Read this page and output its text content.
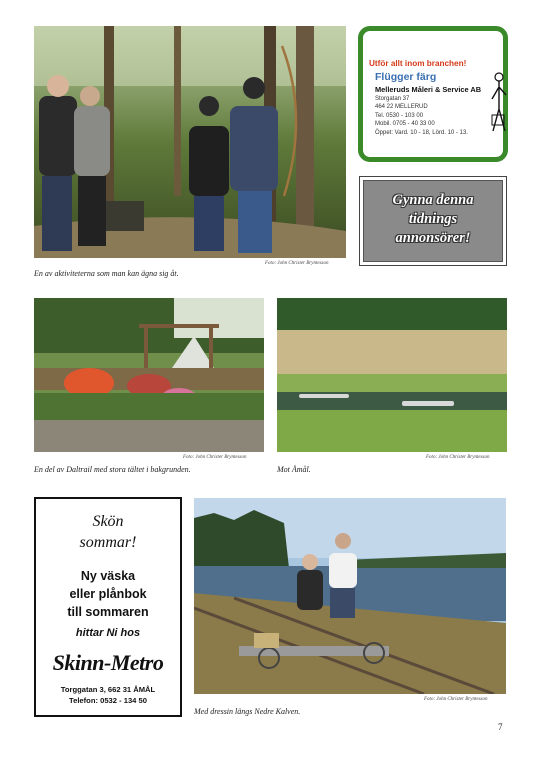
Foto: John Christer Bryntesson
En av aktiviteterna som man kan ägna sig åt.
Utför allt inom branchen!
Flügger färg
Melleruds Måleri & Service AB
Storgatan 37
464 22 MELLERUD
Tel. 0530 - 103 00
Mobil. 0705 - 40 33 00
Öppet: Vard. 10 - 18, Lörd. 10 - 13.
Gynna denna
tidnings
annonsörer!
Foto: John Christer Bryntesson
En del av Daltrail med stora tältet i bakgrunden.
Foto: John Christer Bryntesson
Mot Åmål.
Skön
sommar!
Ny väska
eller plånbok
till sommaren
hittar Ni hos
Skinn-Metro
Torggatan 3, 662 31 ÅMÅL
Telefon: 0532 - 134 50	Foto: John Christer Bryntesson
Med dressin längs Nedre Kalven.
7
